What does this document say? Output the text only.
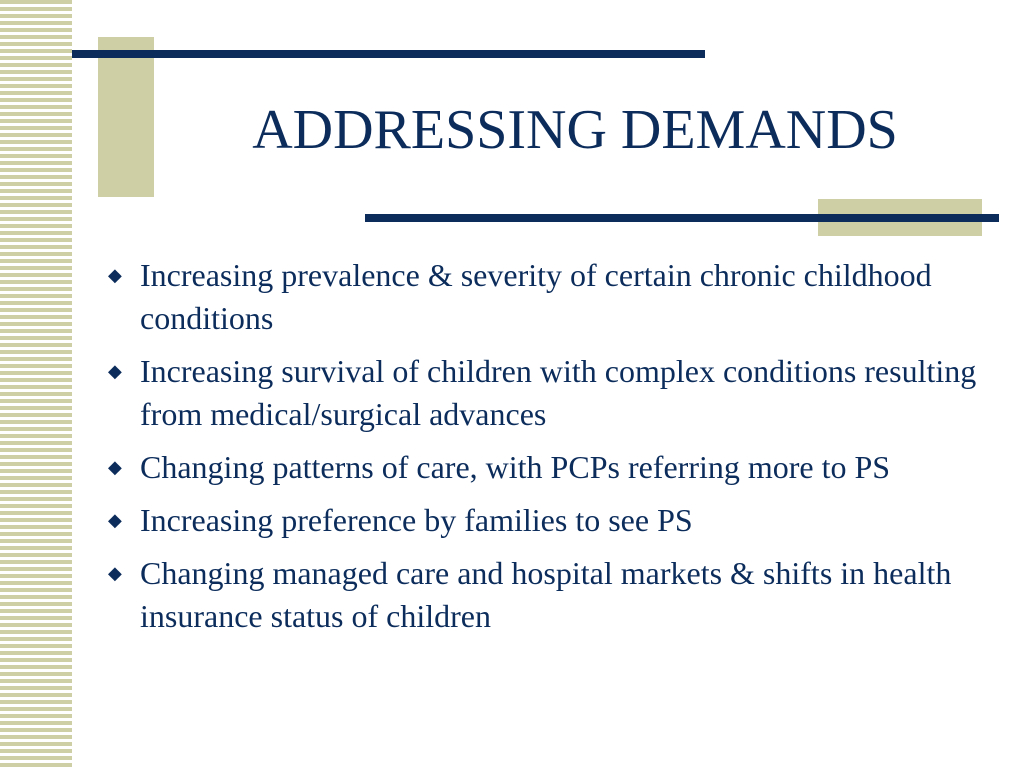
ADDRESSING DEMANDS
◆ Increasing prevalence & severity of certain chronic childhood conditions
◆ Increasing survival of children with complex conditions resulting from medical/surgical advances
◆ Changing patterns of care, with PCPs referring more to PS
◆ Increasing preference by families to see PS
◆ Changing managed care and hospital markets & shifts in health insurance status of children
